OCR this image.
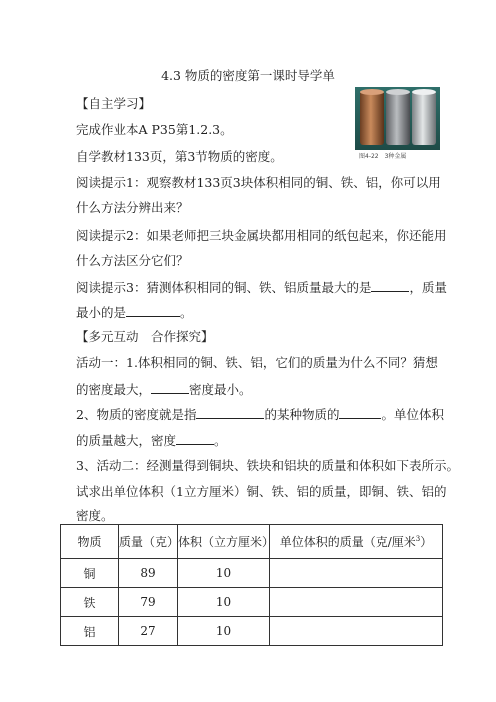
4.3 物质的密度第一课时导学单
【自主学习】
完成作业本A P35第1.2.3。
自学教材133页，第3节物质的密度。
阅读提示1：观察教材133页3块体积相同的铜、铁、铝，你可以用
什么方法分辨出来？
阅读提示2：如果老师把三块金属块都用相同的纸包起来，你还能用
什么方法区分它们？
阅读提示3：猜测体积相同的铜、铁、铝质量最大的是	，质量
最小的是	。
【多元互动　合作探究】
活动一：1.体积相同的铜、铁、铝，它们的质量为什么不同？猜想
的密度最大，	密度最小。
2、物质的密度就是指	的某种物质的	。单位体积
的质量越大，密度	。
3、活动二：经测量得到铜块、铁块和铝块的质量和体积如下表所示。
试求出单位体积（1立方厘米）铜、铁、铝的质量，即铜、铁、铝的
密度。
图4-22　3种金属
物质	质量（克）	体积（立方厘米）	单位体积的质量（克/厘米$^3$）
铜	89	10	
铁	79	10	
铝	27	10	
